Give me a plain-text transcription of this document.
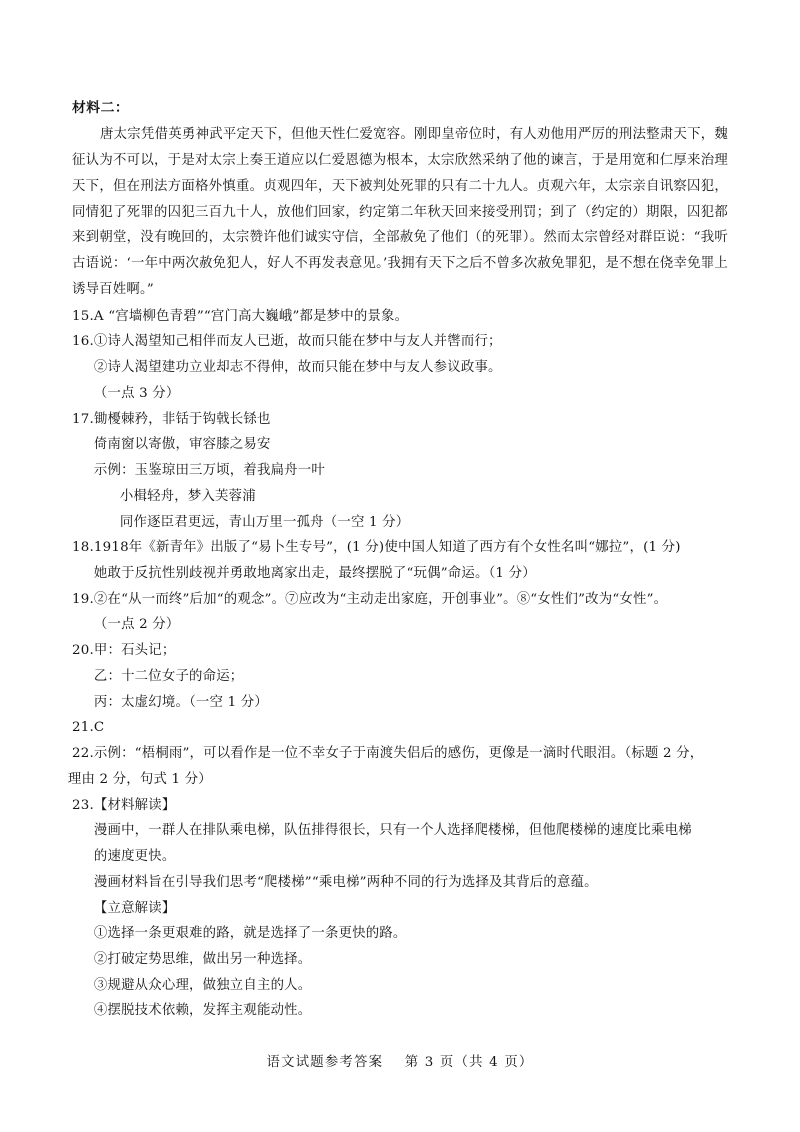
材料二：

唐太宗凭借英勇神武平定天下，但他天性仁爱宽容。刚即皇帝位时，有人劝他用严厉的刑法整肃天下，魏征认为不可以，于是对太宗上奏王道应以仁爱恩德为根本，太宗欣然采纳了他的谏言，于是用宽和仁厚来治理天下，但在刑法方面格外慎重。贞观四年，天下被判处死罪的只有二十九人。贞观六年，太宗亲自讯察囚犯，同情犯了死罪的囚犯三百九十人，放他们回家，约定第二年秋天回来接受刑罚；到了（约定的）期限，囚犯都来到朝堂，没有晚回的，太宗赞许他们诚实守信，全部赦免了他们（的死罪）。然而太宗曾经对群臣说：“我听古语说：‘一年中两次赦免犯人，好人不再发表意见。’我拥有天下之后不曾多次赦免罪犯，是不想在侥幸免罪上诱导百姓啊。”

15. A “宫墙柳色青碧”“宫门高大巍峨”都是梦中的景象。

16. ①诗人渴望知己相伴而友人已逝，故而只能在梦中与友人并辔而行；

②诗人渴望建功立业却志不得伸，故而只能在梦中与友人参议政事。

（一点 3 分）

17. 锄櫌棘矜，非铦于钩戟长铩也

倚南窗以寄傲，审容膝之易安

示例：玉鉴琼田三万顷，着我扁舟一叶

小楫轻舟，梦入芙蓉浦

同作逐臣君更远，青山万里一孤舟（一空 1 分）

18. 1918年《新青年》出版了“易卜生专号”，(1 分)使中国人知道了西方有个女性名叫“娜拉”，(1 分)

她敢于反抗性别歧视并勇敢地离家出走，最终摆脱了“玩偶”命运。（1 分）

19. ②在“从一而终”后加“的观念”。⑦应改为“主动走出家庭，开创事业”。⑧“女性们”改为“女性”。

（一点 2 分）

20. 甲：石头记；

乙：十二位女子的命运；

丙：太虚幻境。（一空 1 分）

21. C

22. 示例：“梧桐雨”，可以看作是一位不幸女子于南渡失侣后的感伤，更像是一滴时代眼泪。（标题 2 分，

理由 2 分，句式 1 分）

23. 【材料解读】

漫画中，一群人在排队乘电梯，队伍排得很长，只有一个人选择爬楼梯，但他爬楼梯的速度比乘电梯

的速度更快。

漫画材料旨在引导我们思考“爬楼梯”“乘电梯”两种不同的行为选择及其背后的意蕴。

【立意解读】

①选择一条更艰难的路，就是选择了一条更快的路。

②打破定势思维，做出另一种选择。

③规避从众心理，做独立自主的人。

④摆脱技术依赖，发挥主观能动性。

语文试题参考答案 第 3 页（共 4 页）
